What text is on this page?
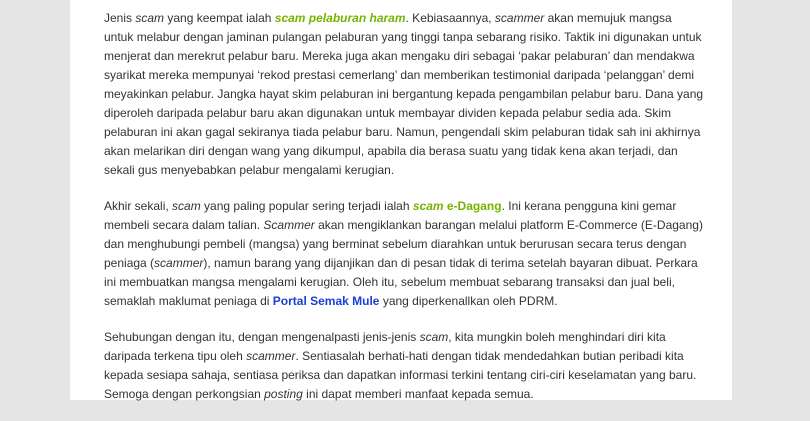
Jenis scam yang keempat ialah scam pelaburan haram. Kebiasaannya, scammer akan memujuk mangsa untuk melabur dengan jaminan pulangan pelaburan yang tinggi tanpa sebarang risiko. Taktik ini digunakan untuk menjerat dan merekrut pelabur baru. Mereka juga akan mengaku diri sebagai ‘pakar pelaburan’ dan mendakwa syarikat mereka mempunyai ‘rekod prestasi cemerlang’ dan memberikan testimonial daripada ‘pelanggan’ demi meyakinkan pelabur. Jangka hayat skim pelaburan ini bergantung kepada pengambilan pelabur baru. Dana yang diperoleh daripada pelabur baru akan digunakan untuk membayar dividen kepada pelabur sedia ada. Skim pelaburan ini akan gagal sekiranya tiada pelabur baru. Namun, pengendali skim pelaburan tidak sah ini akhirnya akan melarikan diri dengan wang yang dikumpul, apabila dia berasa suatu yang tidak kena akan terjadi, dan sekali gus menyebabkan pelabur mengalami kerugian.

Akhir sekali, scam yang paling popular sering terjadi ialah scam e-Dagang. Ini kerana pengguna kini gemar membeli secara dalam talian. Scammer akan mengiklankan barangan melalui platform E-Commerce (E-Dagang) dan menghubungi pembeli (mangsa) yang berminat sebelum diarahkan untuk berurusan secara terus dengan peniaga (scammer), namun barang yang dijanjikan dan di pesan tidak di terima setelah bayaran dibuat. Perkara ini membuatkan mangsa mengalami kerugian. Oleh itu, sebelum membuat sebarang transaksi dan jual beli, semaklah maklumat peniaga di Portal Semak Mule yang diperkenallkan oleh PDRM.

Sehubungan dengan itu, dengan mengenalpasti jenis-jenis scam, kita mungkin boleh menghindari diri kita daripada terkena tipu oleh scammer. Sentiasalah berhati-hati dengan tidak mendedahkan butian peribadi kita kepada sesiapa sahaja, sentiasa periksa dan dapatkan informasi terkini tentang ciri-ciri keselamatan yang baru. Semoga dengan perkongsian posting ini dapat memberi manfaat kepada semua.
